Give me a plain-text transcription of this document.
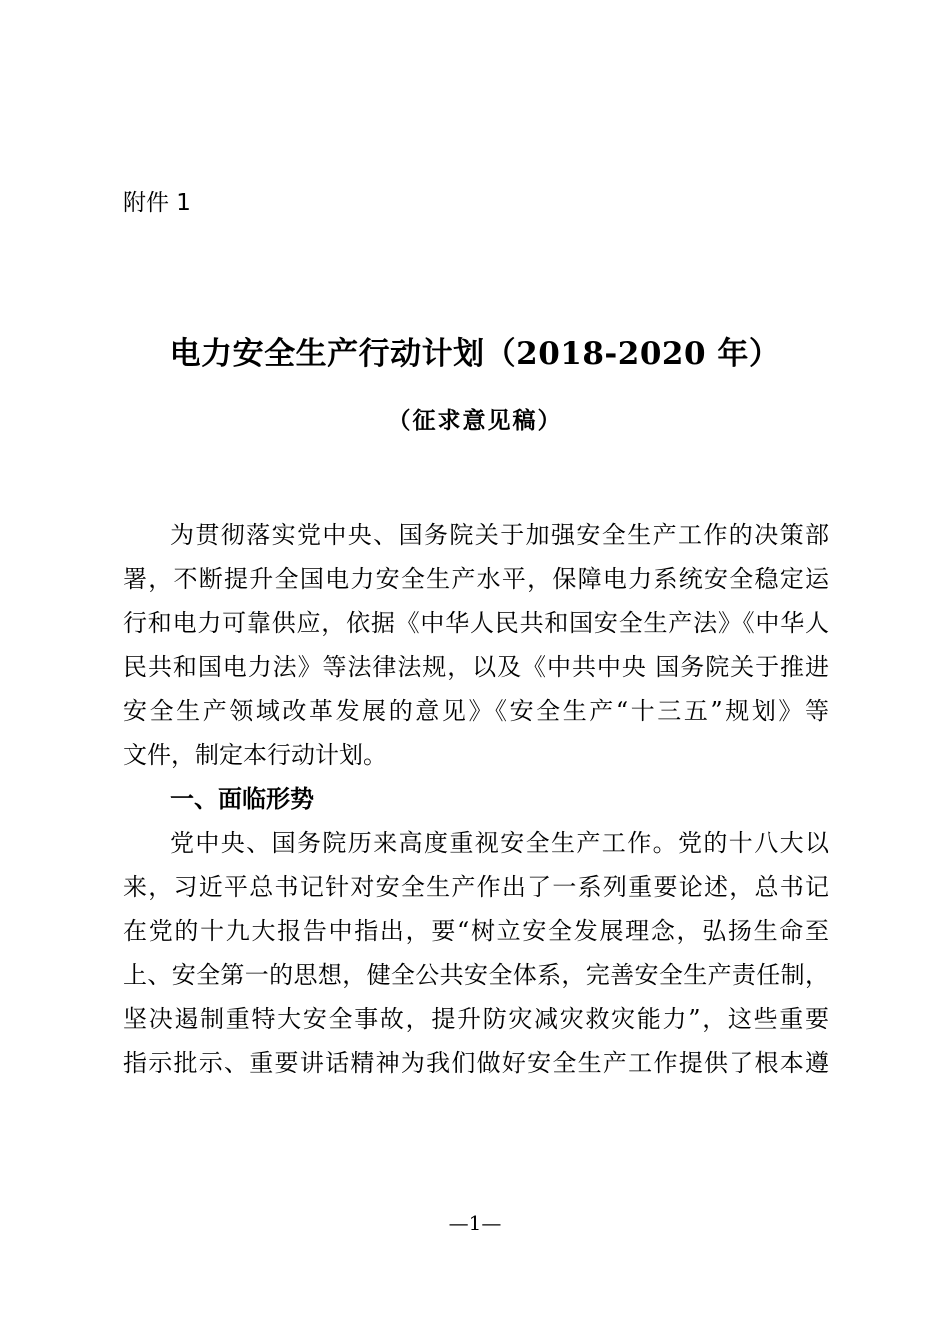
附件 1
电力安全生产行动计划（2018-2020 年）
（征求意见稿）
为贯彻落实党中央、国务院关于加强安全生产工作的决策部
署，不断提升全国电力安全生产水平，保障电力系统安全稳定运
行和电力可靠供应，依据《中华人民共和国安全生产法》《中华人
民共和国电力法》等法律法规，以及《中共中央 国务院关于推进
安全生产领域改革发展的意见》《安全生产“十三五”规划》等
文件，制定本行动计划。
一、面临形势
党中央、国务院历来高度重视安全生产工作。党的十八大以
来，习近平总书记针对安全生产作出了一系列重要论述，总书记
在党的十九大报告中指出，要“树立安全发展理念，弘扬生命至
上、安全第一的思想，健全公共安全体系，完善安全生产责任制，
坚决遏制重特大安全事故，提升防灾减灾救灾能力”，这些重要
指示批示、重要讲话精神为我们做好安全生产工作提供了根本遵
—1—
